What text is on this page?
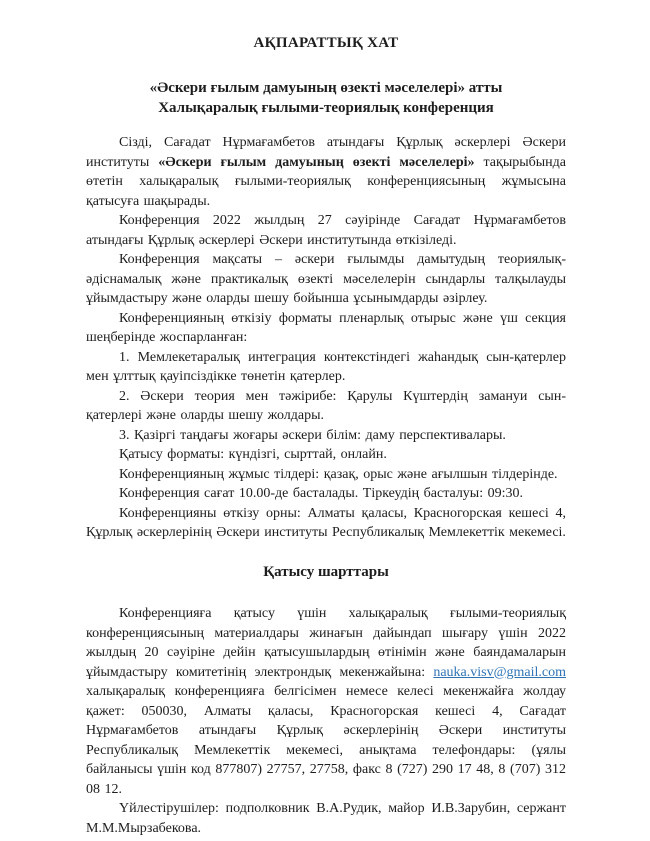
АҚПАРАТТЫҚ ХАТ
«Әскери ғылым дамуының өзекті мәселелері» атты
Халықаралық ғылыми-теориялық конференция

Сізді, Сағадат Нұрмағамбетов атындағы Құрлық әскерлері Әскери институты «Әскери ғылым дамуының өзекті мәселелері» тақырыбында өтетін халықаралық ғылыми-теориялық конференциясының жұмысына қатысуға шақырады.

Конференция 2022 жылдың 27 сәуірінде Сағадат Нұрмағамбетов атындағы Құрлық әскерлері Әскери институтында өткізіледі.

Конференция мақсаты – әскери ғылымды дамытудың теориялық-әдіснамалық және практикалық өзекті мәселелерін сындарлы талқылауды ұйымдастыру және оларды шешу бойынша ұсынымдарды әзірлеу.

Конференцияның өткізіу форматы пленарлық отырыс және үш секция шеңберінде жоспарланған:

1. Мемлекетаралық интеграция контекстіндегі жаһандық сын-қатерлер мен ұлттық қауіпсіздікке төнетін қатерлер.

2. Әскери теория мен тәжірибе: Қарулы Күштердің замануи сын-қатерлері және оларды шешу жолдары.

3. Қазіргі таңдағы жоғары әскери білім: даму перспективалары.

Қатысу форматы: күндізгі, сырттай, онлайн.

Конференцияның жұмыс тілдері: қазақ, орыс және ағылшын тілдерінде.

Конференция сағат 10.00-де басталады. Тіркеудің басталуы: 09:30.

Конференцияны өткізу орны: Алматы қаласы, Красногорская кешесі 4, Құрлық әскерлерінің Әскери институты Республикалық Мемлекеттік мекемесі.

Қатысу шарттары

Конференцияға қатысу үшін халықаралық ғылыми-теориялық конференциясының материалдары жинағын дайындап шығару үшін 2022 жылдың 20 сәуіріне дейін қатысушылардың өтінімін және баяндамаларын ұйымдастыру комитетінің электрондық мекенжайына: nauka.visv@gmail.com халықаралық конференцияға белгісімен немесе келесі мекенжайға жолдау қажет: 050030, Алматы қаласы, Красногорская кешесі 4, Сағадат Нұрмағамбетов атындағы Құрлық әскерлерінің Әскери институты Республикалық Мемлекеттік мекемесі, анықтама телефондары: (ұялы байланысы үшін код 877807) 27757, 27758, факс 8 (727) 290 17 48, 8 (707) 312 08 12.

Үйлестірушілер: подполковник В.А.Рудик, майор И.В.Зарубин, сержант М.М.Мырзабекова.
